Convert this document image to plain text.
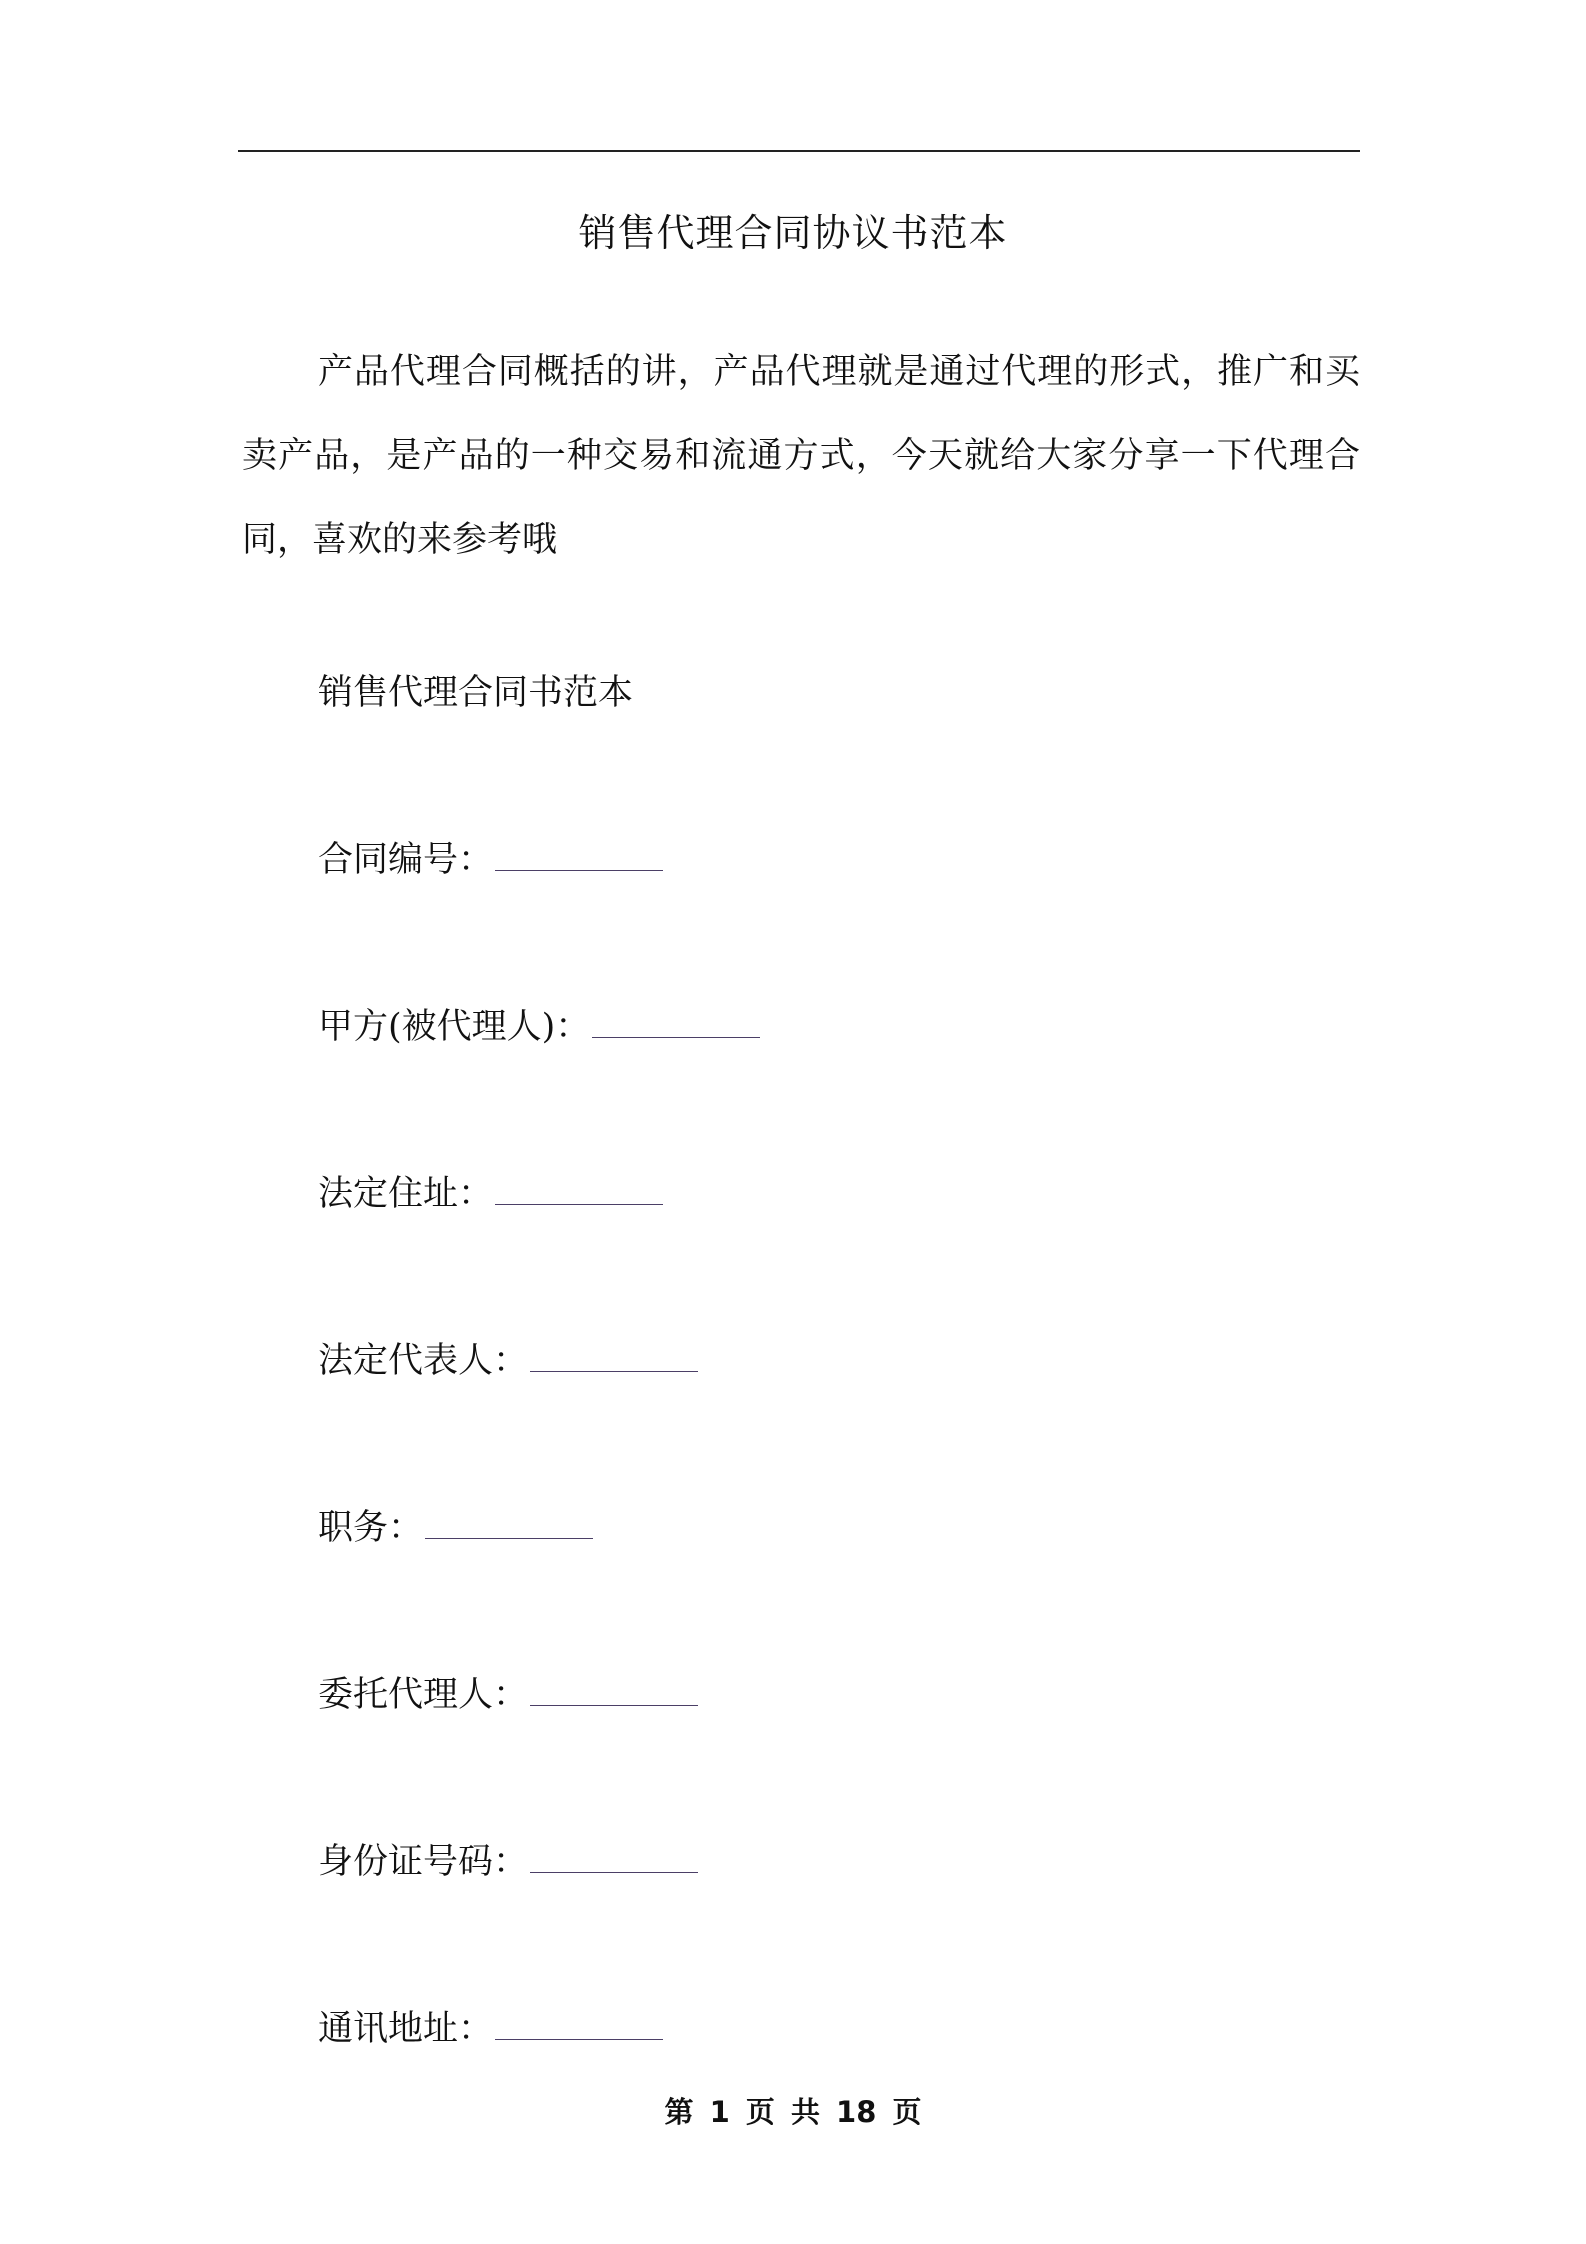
销售代理合同协议书范本

产品代理合同概括的讲，产品代理就是通过代理的形式，推广和买卖产品，是产品的一种交易和流通方式，今天就给大家分享一下代理合同，喜欢的来参考哦

销售代理合同书范本
合同编号：
甲方(被代理人)：
法定住址：
法定代表人：
职务：
委托代理人：
身份证号码：
通讯地址：
第 1 页 共 18 页
